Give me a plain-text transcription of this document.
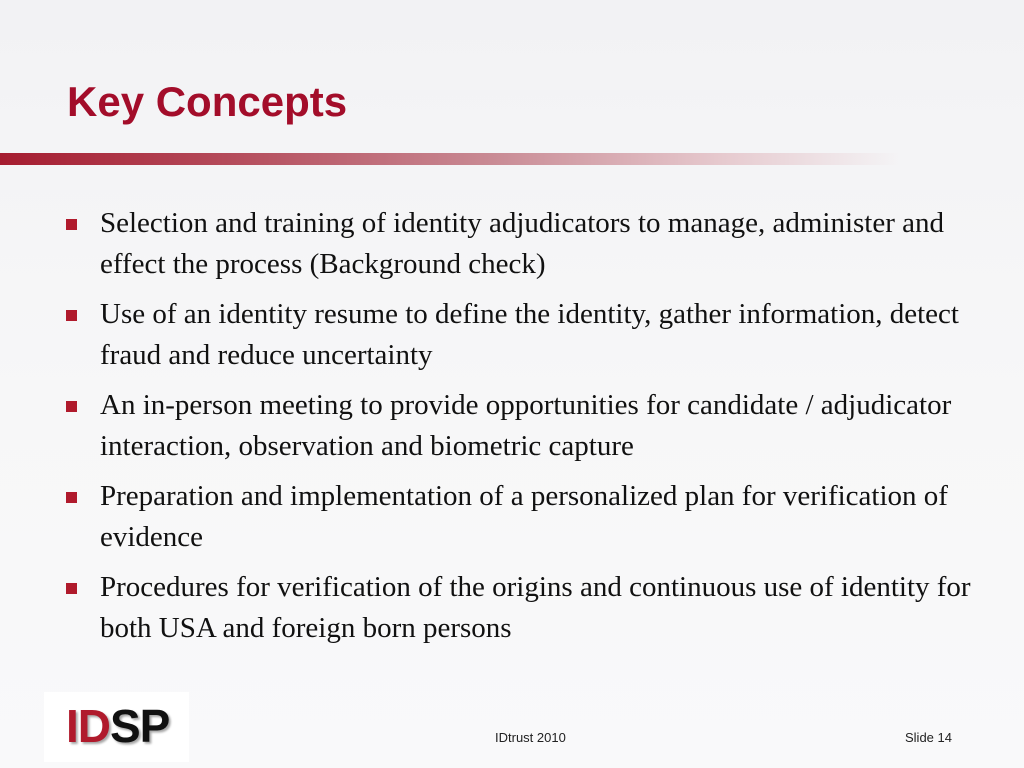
Key Concepts
Selection and training of identity adjudicators to manage, administer and effect the process (Background check)
Use of an identity resume to define the identity, gather information, detect fraud and reduce uncertainty
An in-person meeting to provide opportunities for candidate / adjudicator interaction, observation and biometric capture
Preparation and implementation of a personalized plan for verification of evidence
Procedures for verification of the origins and continuous use of identity for both USA and foreign born persons
IDSP	IDtrust 2010	Slide 14
